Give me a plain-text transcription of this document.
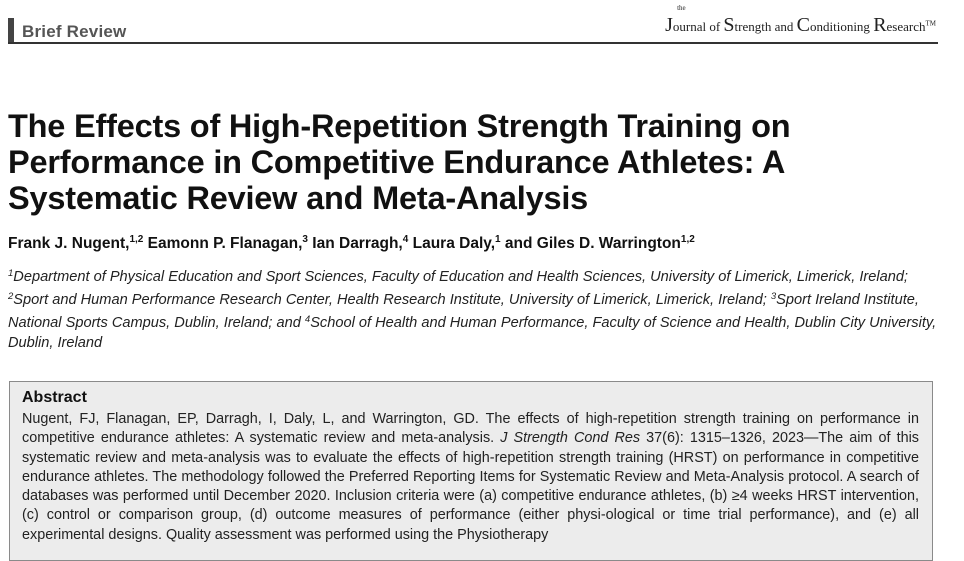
Brief Review
the
Journal of Strength and Conditioning Research™
The Effects of High-Repetition Strength Training on Performance in Competitive Endurance Athletes: A Systematic Review and Meta-Analysis
Frank J. Nugent,$^{1,2}$ Eamonn P. Flanagan,$^3$ Ian Darragh,$^4$ Laura Daly,$^1$ and Giles D. Warrington$^{1,2}$
$^1$Department of Physical Education and Sport Sciences, Faculty of Education and Health Sciences, University of Limerick, Limerick, Ireland; $^2$Sport and Human Performance Research Center, Health Research Institute, University of Limerick, Limerick, Ireland; $^3$Sport Ireland Institute, National Sports Campus, Dublin, Ireland; and $^4$School of Health and Human Performance, Faculty of Science and Health, Dublin City University, Dublin, Ireland
Abstract
Nugent, FJ, Flanagan, EP, Darragh, I, Daly, L, and Warrington, GD. The effects of high-repetition strength training on performance in competitive endurance athletes: A systematic review and meta-analysis. J Strength Cond Res 37(6): 1315–1326, 2023—The aim of this systematic review and meta-analysis was to evaluate the effects of high-repetition strength training (HRST) on performance in competitive endurance athletes. The methodology followed the Preferred Reporting Items for Systematic Review and Meta-Analysis protocol. A search of databases was performed until December 2020. Inclusion criteria were (a) competitive endurance athletes, (b) ≥4 weeks HRST intervention, (c) control or comparison group, (d) outcome measures of performance (either physi-ological or time trial performance), and (e) all experimental designs. Quality assessment was performed using the Physiotherapy
